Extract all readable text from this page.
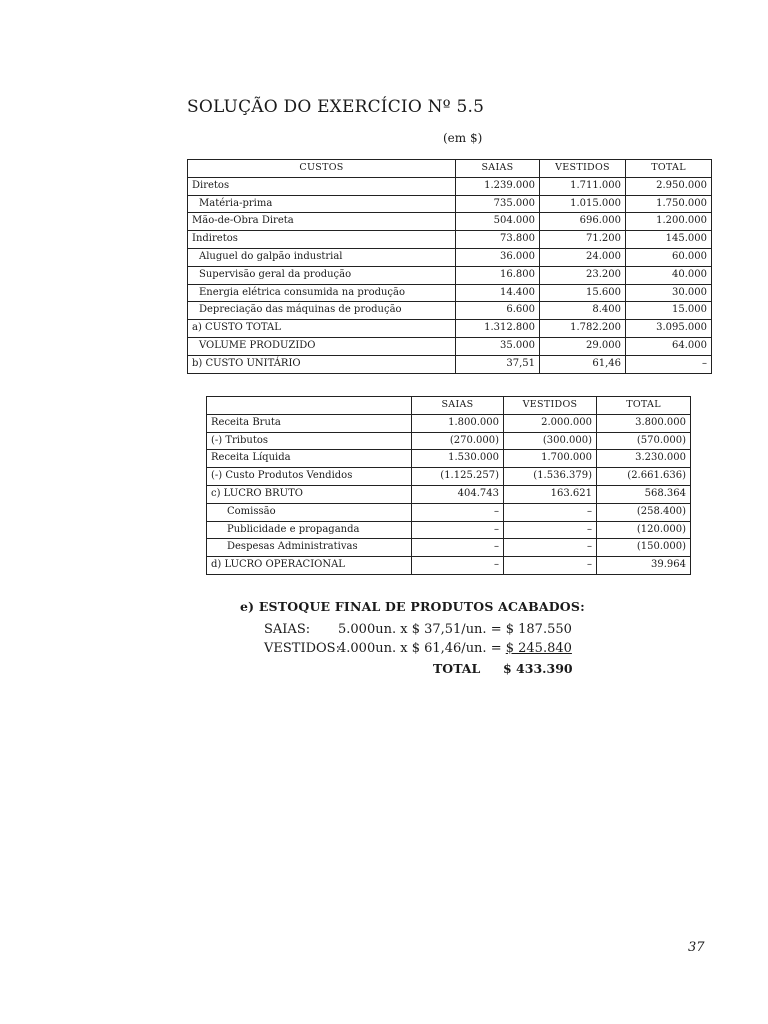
SOLUÇÃO DO EXERCÍCIO Nº 5.5
(em $)
CUSTOS	SAIAS	VESTIDOS	TOTAL
Diretos	1.239.000	1.711.000	2.950.000
Matéria-prima	735.000	1.015.000	1.750.000
Mão-de-Obra Direta	504.000	696.000	1.200.000
Indiretos	73.800	71.200	145.000
Aluguel do galpão industrial	36.000	24.000	60.000
Supervisão geral da produção	16.800	23.200	40.000
Energia elétrica consumida na produção	14.400	15.600	30.000
Depreciação das máquinas de produção	6.600	8.400	15.000
a) CUSTO TOTAL	1.312.800	1.782.200	3.095.000
VOLUME PRODUZIDO	35.000	29.000	64.000
b) CUSTO UNITÁRIO	37,51	61,46	–
	SAIAS	VESTIDOS	TOTAL
Receita Bruta	1.800.000	2.000.000	3.800.000
(-) Tributos	(270.000)	(300.000)	(570.000)
Receita Líquida	1.530.000	1.700.000	3.230.000
(-) Custo Produtos Vendidos	(1.125.257)	(1.536.379)	(2.661.636)
c) LUCRO BRUTO	404.743	163.621	568.364
Comissão	–	–	(258.400)
Publicidade e propaganda	–	–	(120.000)
Despesas Administrativas	–	–	(150.000)
d) LUCRO OPERACIONAL	–	–	39.964
e) ESTOQUE FINAL DE PRODUTOS ACABADOS:
SAIAS: 5.000un. x $ 37,51/un. = $ 187.550
VESTIDOS:4.000un. x $ 61,46/un. = $ 245.840
TOTAL $ 433.390
37
